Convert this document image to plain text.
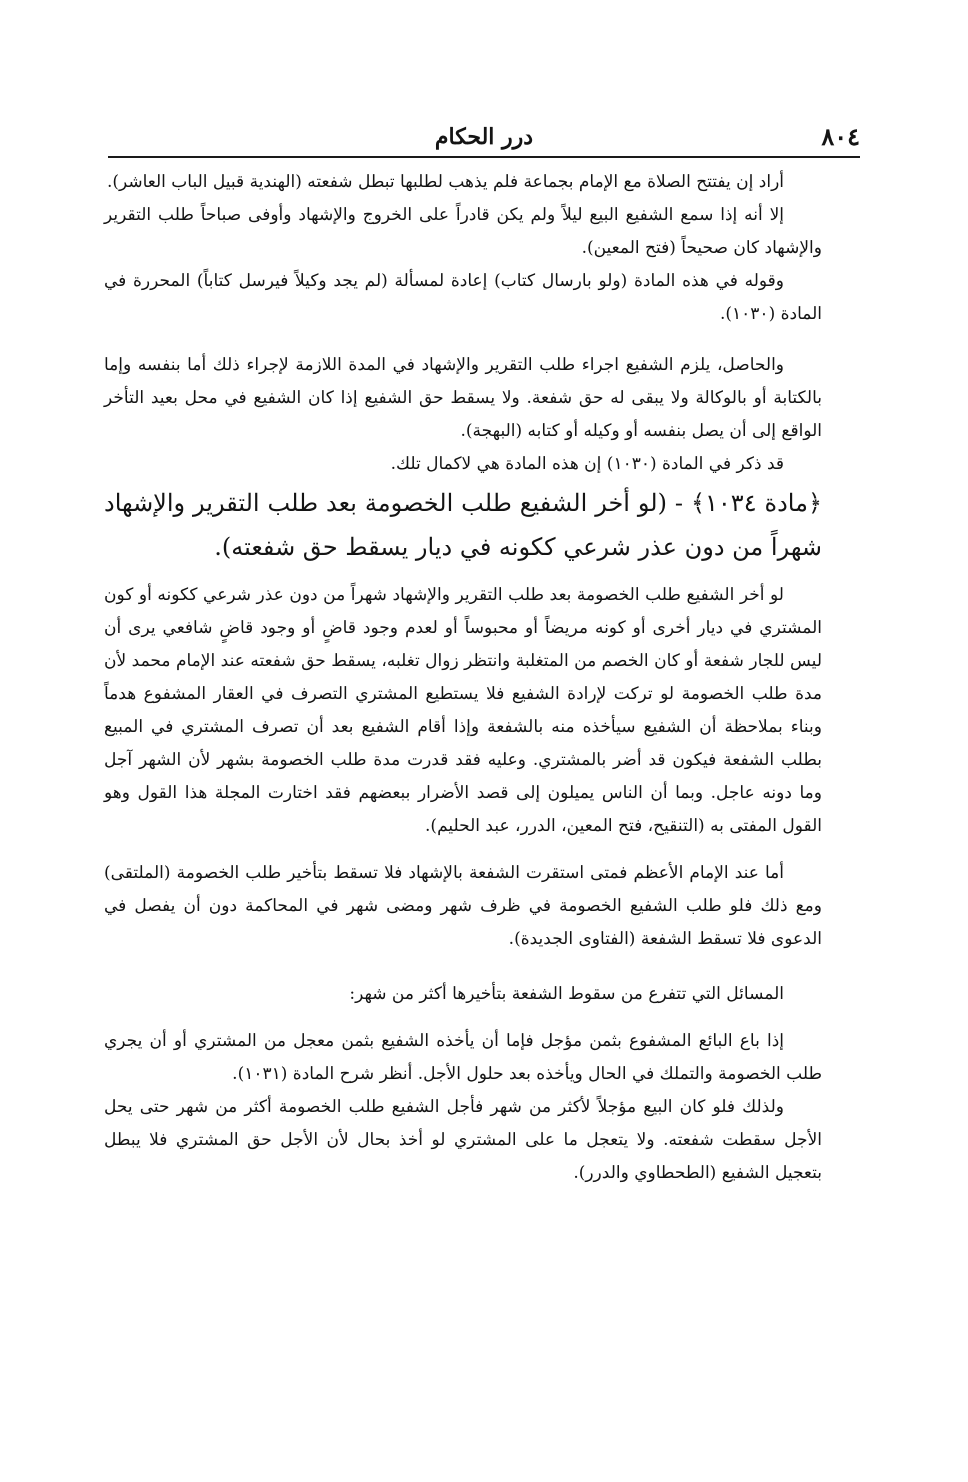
٨٠٤
درر الحكام

أراد إن يفتتح الصلاة مع الإمام بجماعة فلم يذهب لطلبها تبطل شفعته (الهندية قبيل الباب العاشر).

إلا أنه إذا سمع الشفيع البيع ليلاً ولم يكن قادراً على الخروج والإشهاد وأوفى صباحاً طلب التقرير والإشهاد كان صحيحاً (فتح المعين).

وقوله في هذه المادة (ولو بارسال كتاب) إعادة لمسألة (لم يجد وكيلاً فيرسل كتاباً) المحررة في المادة (١٠٣٠).

والحاصل، يلزم الشفيع اجراء طلب التقرير والإشهاد في المدة اللازمة لإجراء ذلك أما بنفسه وإما بالكتابة أو بالوكالة ولا يبقى له حق شفعة. ولا يسقط حق الشفيع إذا كان الشفيع في محل بعيد التأخر الواقع إلى أن يصل بنفسه أو وكيله أو كتابه (البهجة).

قد ذكر في المادة (١٠٣٠) إن هذه المادة هي لاكمال تلك.

﴿مادة ١٠٣٤﴾ - (لو أخر الشفيع طلب الخصومة بعد طلب التقرير والإشهاد شهراً من دون عذر شرعي ككونه في ديار يسقط حق شفعته).

لو أخر الشفيع طلب الخصومة بعد طلب التقرير والإشهاد شهراً من دون عذر شرعي ككونه أو كون المشتري في ديار أخرى أو كونه مريضاً أو محبوساً أو لعدم وجود قاضٍ أو وجود قاضٍ شافعي يرى أن ليس للجار شفعة أو كان الخصم من المتغلبة وانتظر زوال تغلبه، يسقط حق شفعته عند الإمام محمد لأن مدة طلب الخصومة لو تركت لإرادة الشفيع فلا يستطيع المشتري التصرف في العقار المشفوع هدماً وبناء بملاحظة أن الشفيع سيأخذه منه بالشفعة وإذا أقام الشفيع بعد أن تصرف المشتري في المبيع بطلب الشفعة فيكون قد أضر بالمشتري. وعليه فقد قدرت مدة طلب الخصومة بشهر لأن الشهر آجل وما دونه عاجل. وبما أن الناس يميلون إلى قصد الأضرار ببعضهم فقد اختارت المجلة هذا القول وهو القول المفتى به (التنقيح، فتح المعين، الدرر، عبد الحليم).

أما عند الإمام الأعظم فمتى استقرت الشفعة بالإشهاد فلا تسقط بتأخير طلب الخصومة (الملتقى) ومع ذلك فلو طلب الشفيع الخصومة في ظرف شهر ومضى شهر في المحاكمة دون أن يفصل في الدعوى فلا تسقط الشفعة (الفتاوى الجديدة).

المسائل التي تتفرع من سقوط الشفعة بتأخيرها أكثر من شهر:

إذا باع البائع المشفوع بثمن مؤجل فإما أن يأخذه الشفيع بثمن معجل من المشتري أو أن يجري طلب الخصومة والتملك في الحال ويأخذه بعد حلول الأجل. أنظر شرح المادة (١٠٣١).

ولذلك فلو كان البيع مؤجلاً لأكثر من شهر فأجل الشفيع طلب الخصومة أكثر من شهر حتى يحل الأجل سقطت شفعته. ولا يتعجل ما على المشتري لو أخذ بحال لأن الأجل حق المشتري فلا يبطل بتعجيل الشفيع (الطحطاوي والدرر).
